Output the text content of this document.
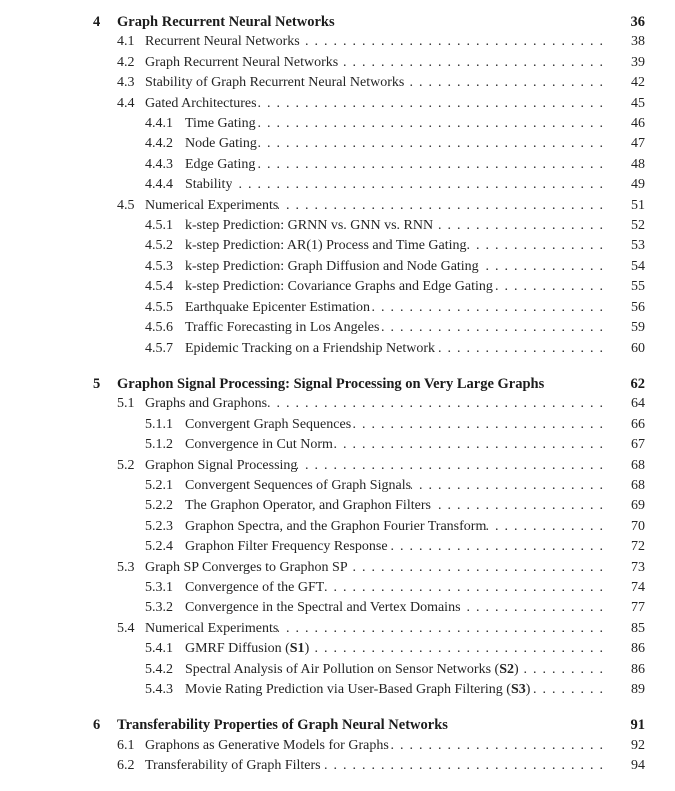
4	Graph Recurrent Neural Networks	36
4.1 Recurrent Neural Networks . . .	38
4.2 Graph Recurrent Neural Networks . . .	39
4.3 Stability of Graph Recurrent Neural Networks . . .	42
4.4 Gated Architectures . . .	45
4.4.1 Time Gating . . .	46
4.4.2 Node Gating . . .	47
4.4.3 Edge Gating . . .	48
4.4.4 Stability . . .	49
4.5 Numerical Experiments . . .	51
4.5.1 k-step Prediction: GRNN vs. GNN vs. RNN . . .	52
4.5.2 k-step Prediction: AR(1) Process and Time Gating . . .	53
4.5.3 k-step Prediction: Graph Diffusion and Node Gating . . .	54
4.5.4 k-step Prediction: Covariance Graphs and Edge Gating . . .	55
4.5.5 Earthquake Epicenter Estimation . . .	56
4.5.6 Traffic Forecasting in Los Angeles . . .	59
4.5.7 Epidemic Tracking on a Friendship Network . . .	60
5	Graphon Signal Processing: Signal Processing on Very Large Graphs	62
5.1 Graphs and Graphons . . .	64
5.1.1 Convergent Graph Sequences . . .	66
5.1.2 Convergence in Cut Norm . . .	67
5.2 Graphon Signal Processing . . .	68
5.2.1 Convergent Sequences of Graph Signals . . .	68
5.2.2 The Graphon Operator, and Graphon Filters . . .	69
5.2.3 Graphon Spectra, and the Graphon Fourier Transform . . .	70
5.2.4 Graphon Filter Frequency Response . . .	72
5.3 Graph SP Converges to Graphon SP . . .	73
5.3.1 Convergence of the GFT . . .	74
5.3.2 Convergence in the Spectral and Vertex Domains . . .	77
5.4 Numerical Experiments . . .	85
5.4.1 GMRF Diffusion (S1) . . .	86
5.4.2 Spectral Analysis of Air Pollution on Sensor Networks (S2) . . .	86
5.4.3 Movie Rating Prediction via User-Based Graph Filtering (S3) . . .	89
6	Transferability Properties of Graph Neural Networks	91
6.1 Graphons as Generative Models for Graphs . . .	92
6.2 Transferability of Graph Filters . . .	94
